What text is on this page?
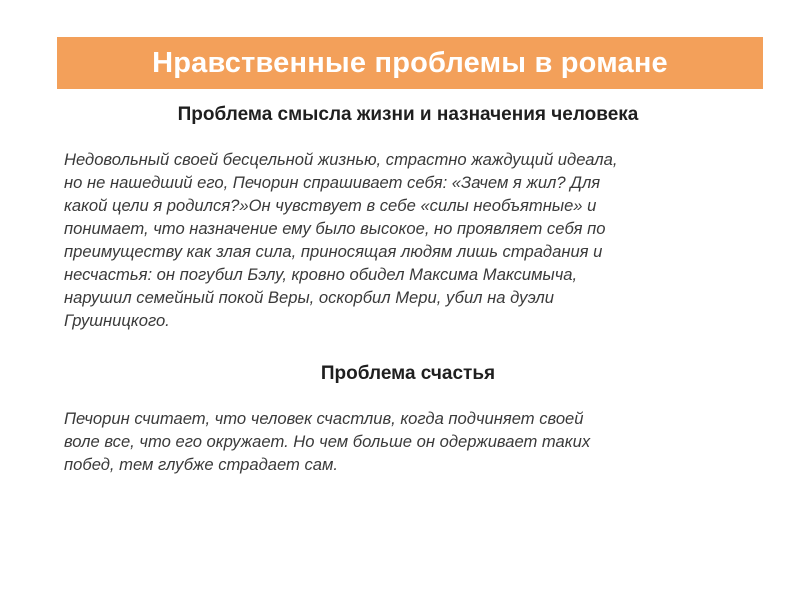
Нравственные проблемы в романе
Проблема смысла жизни и назначения человека

Недовольный своей бесцельной жизнью, страстно жаждущий идеала,
но не нашедший его, Печорин спрашивает себя: «Зачем я жил? Для
какой цели я родился?»Он чувствует в себе «силы необъятные» и
понимает, что назначение ему было высокое, но проявляет себя по
преимуществу как злая сила, приносящая людям лишь страдания и
несчастья: он погубил Бэлу, кровно обидел Максима Максимыча,
нарушил семейный покой Веры, оскорбил Мери, убил на дуэли
Грушницкого.

Проблема счастья

Печорин считает, что человек счастлив, когда подчиняет своей
воле все, что его окружает. Но чем больше он одерживает таких
побед, тем глубже страдает сам.
